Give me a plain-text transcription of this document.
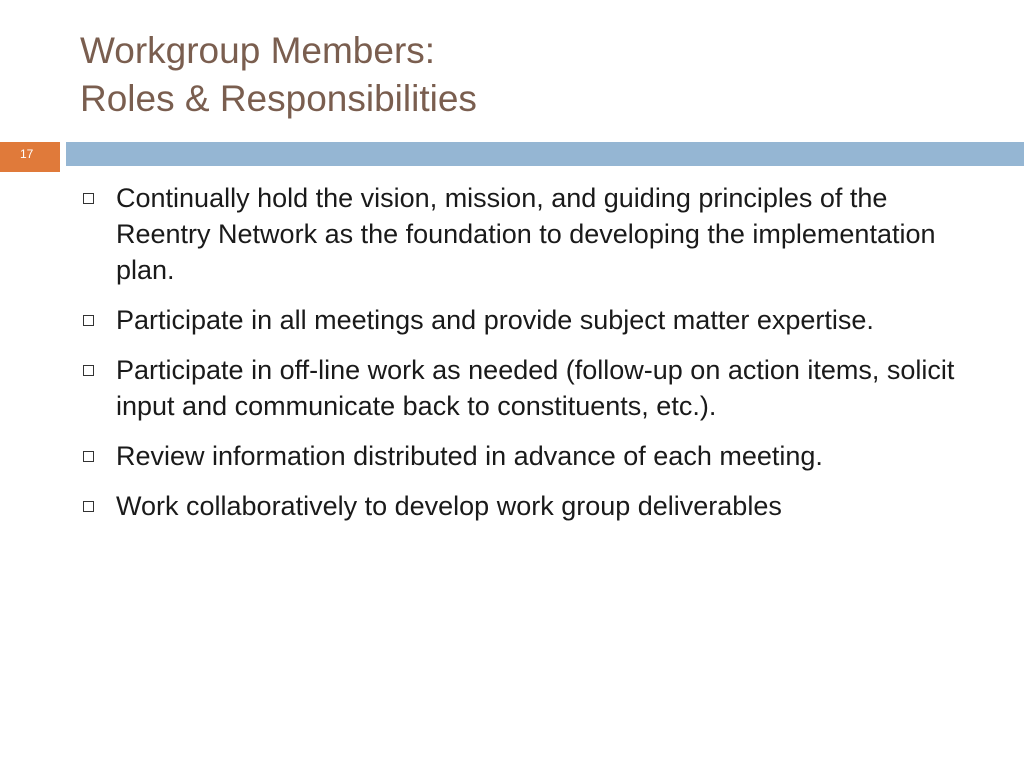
Workgroup Members:
Roles & Responsibilities
17
Continually hold the vision, mission, and guiding principles of the Reentry Network as the foundation to developing the implementation plan.
Participate in all meetings and provide subject matter expertise.
Participate in off-line work as needed (follow-up on action items, solicit input and communicate back to constituents, etc.).
Review information distributed in advance of each meeting.
Work collaboratively to develop work group deliverables
